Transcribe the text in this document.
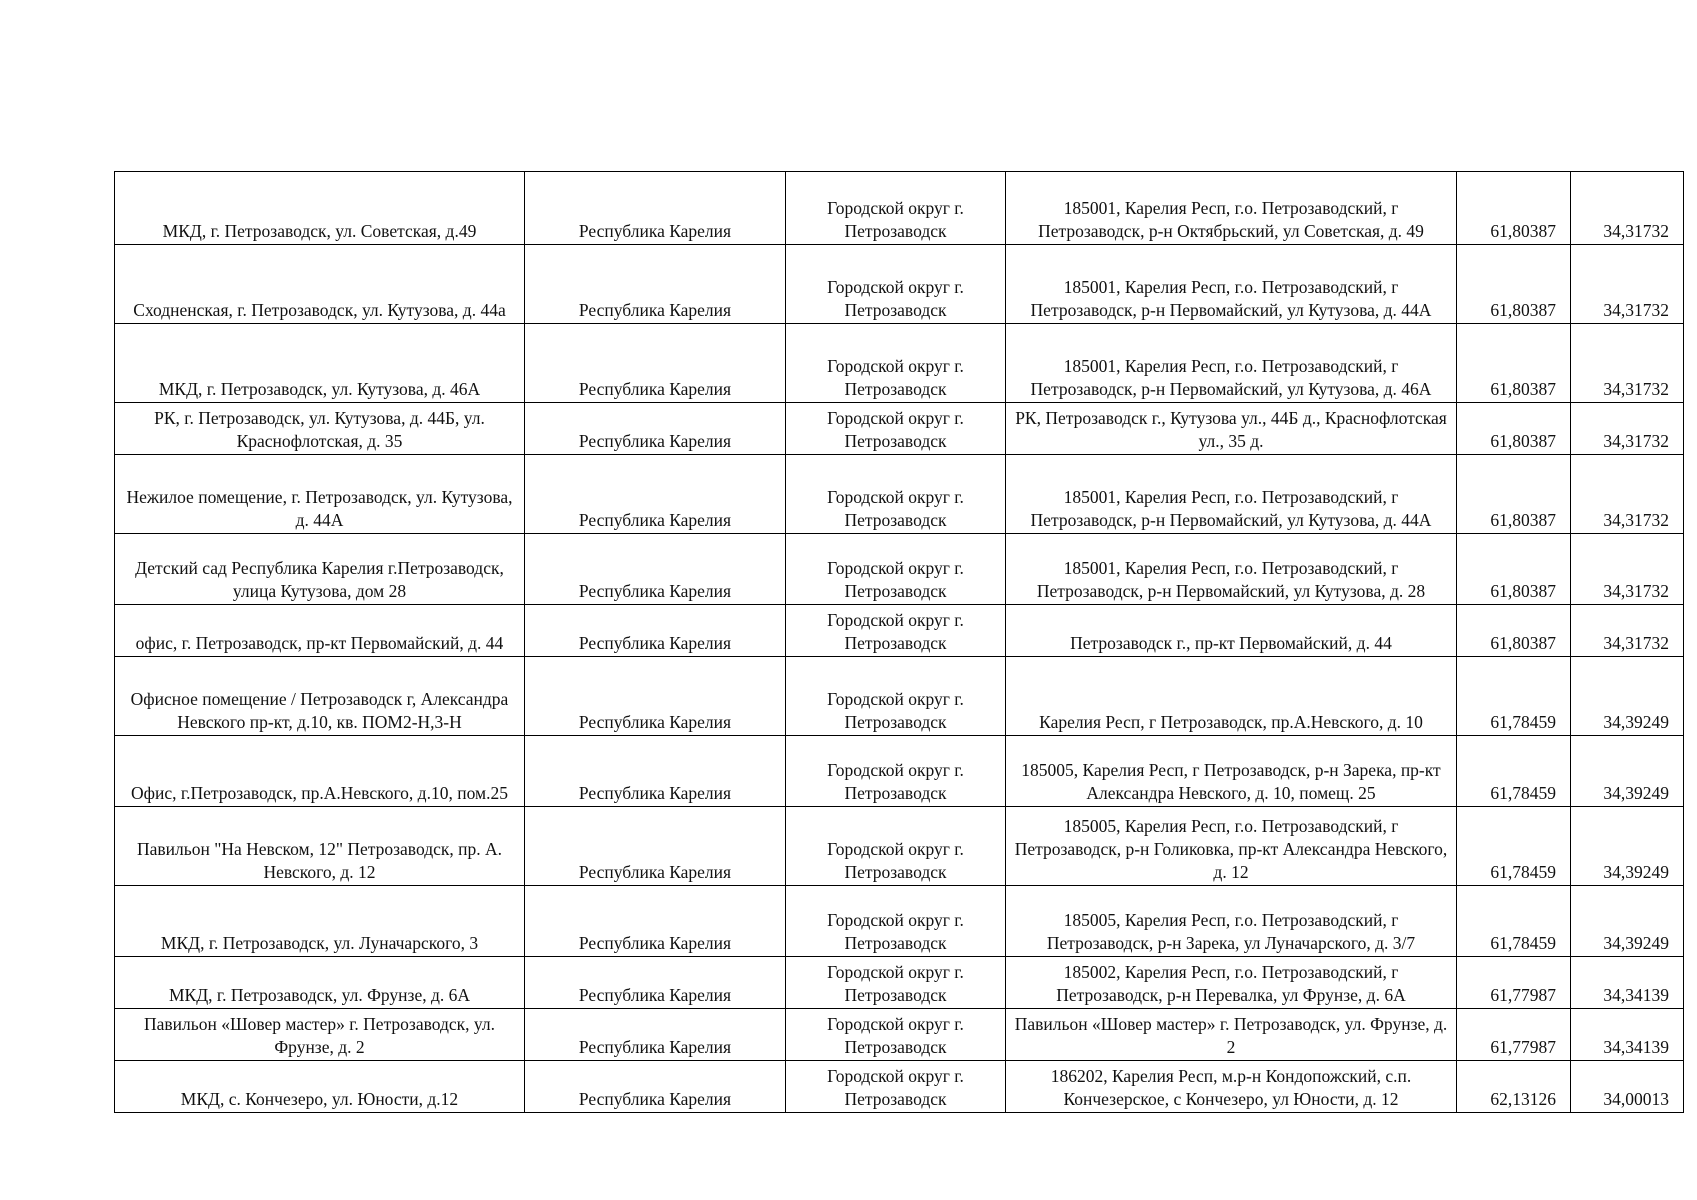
МКД, г. Петрозаводск, ул. Советская, д.49	Республика Карелия	Городской округ г. Петрозаводск	185001, Карелия Респ, г.о. Петрозаводский, г Петрозаводск, р-н Октябрьский, ул Советская, д. 49	61,80387	34,31732
Сходненская, г. Петрозаводск, ул. Кутузова, д. 44а	Республика Карелия	Городской округ г. Петрозаводск	185001, Карелия Респ, г.о. Петрозаводский, г Петрозаводск, р-н Первомайский, ул Кутузова, д. 44А	61,80387	34,31732
МКД, г. Петрозаводск, ул. Кутузова, д. 46А	Республика Карелия	Городской округ г. Петрозаводск	185001, Карелия Респ, г.о. Петрозаводский, г Петрозаводск, р-н Первомайский, ул Кутузова, д. 46А	61,80387	34,31732
РК, г. Петрозаводск, ул. Кутузова, д. 44Б, ул. Краснофлотская, д. 35	Республика Карелия	Городской округ г. Петрозаводск	РК, Петрозаводск г., Кутузова ул., 44Б д., Краснофлотская ул., 35 д.	61,80387	34,31732
Нежилое помещение, г. Петрозаводск, ул. Кутузова, д. 44А	Республика Карелия	Городской округ г. Петрозаводск	185001, Карелия Респ, г.о. Петрозаводский, г Петрозаводск, р-н Первомайский, ул Кутузова, д. 44А	61,80387	34,31732
Детский сад Республика Карелия г.Петрозаводск, улица Кутузова, дом 28	Республика Карелия	Городской округ г. Петрозаводск	185001, Карелия Респ, г.о. Петрозаводский, г Петрозаводск, р-н Первомайский, ул Кутузова, д. 28	61,80387	34,31732
офис, г. Петрозаводск, пр-кт Первомайский, д. 44	Республика Карелия	Городской округ г. Петрозаводск	Петрозаводск г., пр-кт Первомайский, д. 44	61,80387	34,31732
Офисное помещение / Петрозаводск г, Александра Невского пр-кт, д.10, кв. ПОМ2-Н,3-Н	Республика Карелия	Городской округ г. Петрозаводск	Карелия Респ, г Петрозаводск, пр.А.Невского, д. 10	61,78459	34,39249
Офис, г.Петрозаводск, пр.А.Невского, д.10, пом.25	Республика Карелия	Городской округ г. Петрозаводск	185005, Карелия Респ, г Петрозаводск, р-н Зарека, пр-кт Александра Невского, д. 10, помещ. 25	61,78459	34,39249
Павильон "На Невском, 12" Петрозаводск, пр. А. Невского, д. 12	Республика Карелия	Городской округ г. Петрозаводск	185005, Карелия Респ, г.о. Петрозаводский, г Петрозаводск, р-н Голиковка, пр-кт Александра Невского, д. 12	61,78459	34,39249
МКД, г. Петрозаводск, ул. Луначарского, 3	Республика Карелия	Городской округ г. Петрозаводск	185005, Карелия Респ, г.о. Петрозаводский, г Петрозаводск, р-н Зарека, ул Луначарского, д. 3/7	61,78459	34,39249
МКД, г. Петрозаводск, ул. Фрунзе, д. 6А	Республика Карелия	Городской округ г. Петрозаводск	185002, Карелия Респ, г.о. Петрозаводский, г Петрозаводск, р-н Перевалка, ул Фрунзе, д. 6А	61,77987	34,34139
Павильон «Шовер мастер» г. Петрозаводск, ул. Фрунзе, д. 2	Республика Карелия	Городской округ г. Петрозаводск	Павильон «Шовер мастер» г. Петрозаводск, ул. Фрунзе, д. 2	61,77987	34,34139
МКД, с. Кончезеро, ул. Юности, д.12	Республика Карелия	Городской округ г. Петрозаводск	186202, Карелия Респ, м.р-н Кондопожский, с.п. Кончезерское, с Кончезеро, ул Юности, д. 12	62,13126	34,00013
